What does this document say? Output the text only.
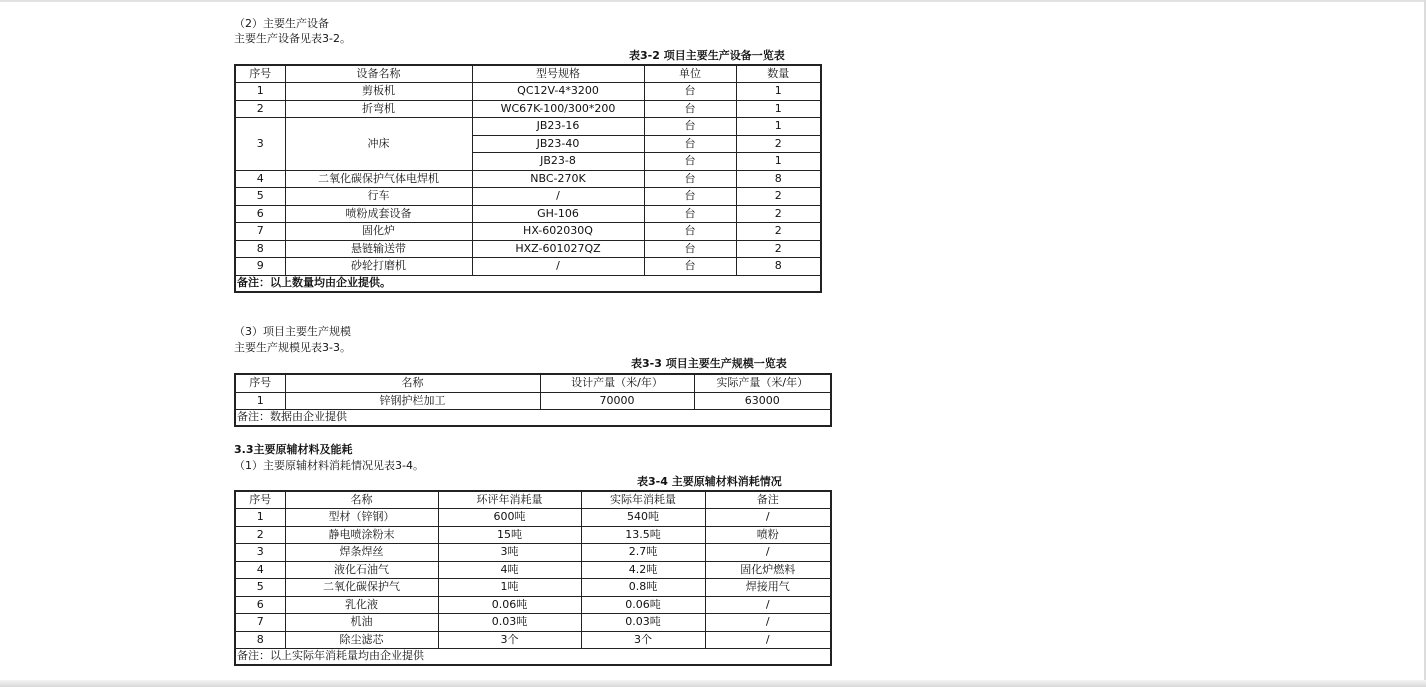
（2）主要生产设备
主要生产设备见表3-2。
表3-2 项目主要生产设备一览表
序号	设备名称	型号规格	单位	数量
1	剪板机	QC12V-4*3200	台	1
2	折弯机	WC67K-100/300*200	台	1
3	冲床	JB23-16	台	1
		JB23-40	台	2
		JB23-8	台	1
4	二氧化碳保护气体电焊机	NBC-270K	台	8
5	行车	/	台	2
6	喷粉成套设备	GH-106	台	2
7	固化炉	HX-602030Q	台	2
8	悬链输送带	HXZ-601027QZ	台	2
9	砂轮打磨机	/	台	8
备注：以上数量均由企业提供。				
（3）项目主要生产规模
主要生产规模见表3-3。
表3-3 项目主要生产规模一览表
序号	名称	设计产量（米/年）	实际产量（米/年）
1	锌钢护栏加工	70000	63000
备注：数据由企业提供			
3.3主要原辅材料及能耗
（1）主要原辅材料消耗情况见表3-4。
表3-4 主要原辅材料消耗情况
序号	名称	环评年消耗量	实际年消耗量	备注
1	型材（锌钢）	600吨	540吨	/
2	静电喷涂粉末	15吨	13.5吨	喷粉
3	焊条焊丝	3吨	2.7吨	/
4	液化石油气	4吨	4.2吨	固化炉燃料
5	二氧化碳保护气	1吨	0.8吨	焊接用气
6	乳化液	0.06吨	0.06吨	/
7	机油	0.03吨	0.03吨	/
8	除尘滤芯	3个	3个	/
备注：以上实际年消耗量均由企业提供				
